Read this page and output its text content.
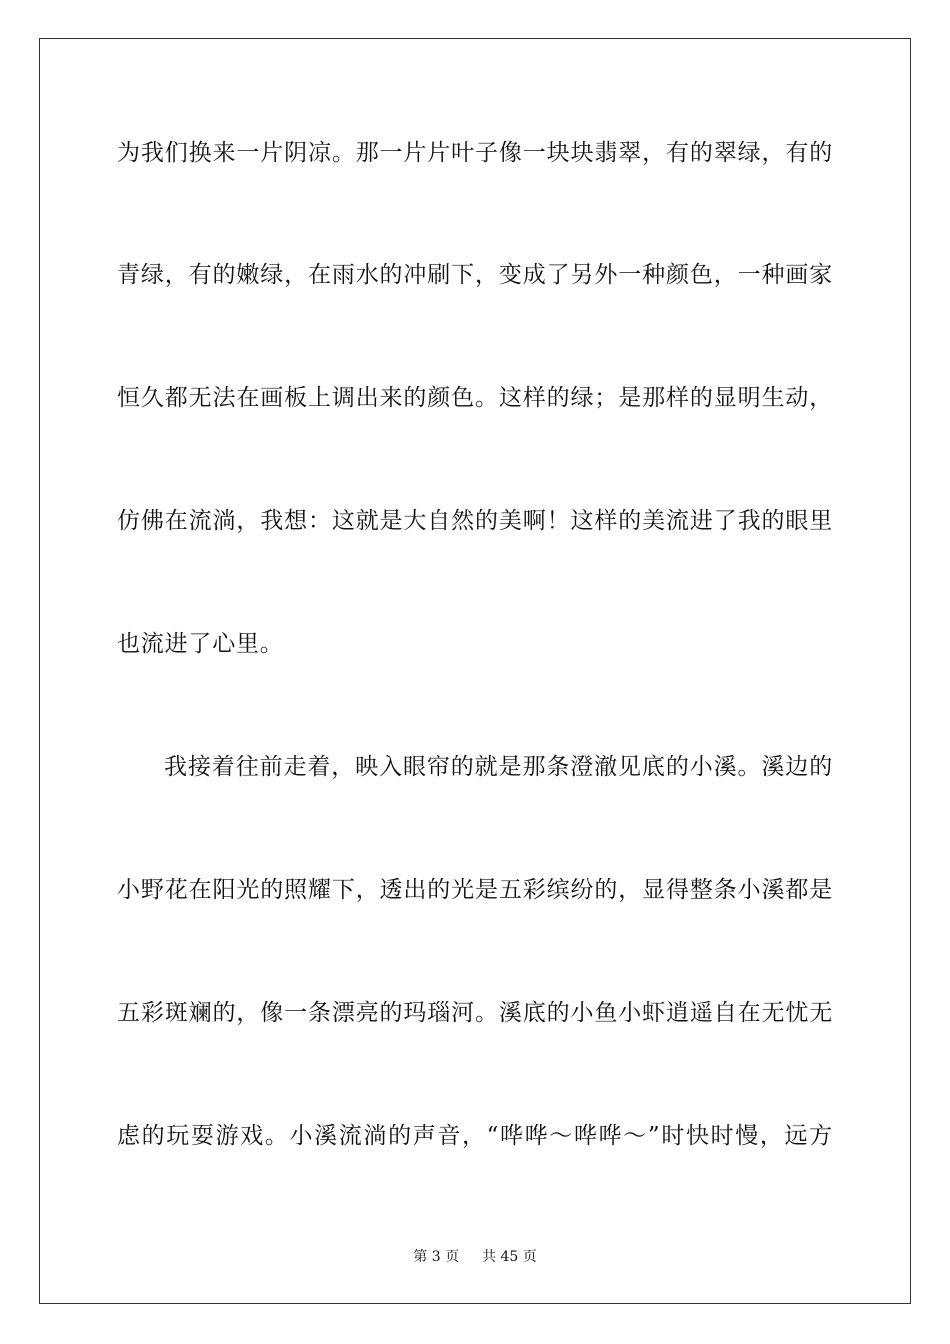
为我们换来一片阴凉。那一片片叶子像一块块翡翠，有的翠绿，有的
青绿，有的嫩绿，在雨水的冲刷下，变成了另外一种颜色，一种画家
恒久都无法在画板上调出来的颜色。这样的绿；是那样的显明生动，
仿佛在流淌，我想：这就是大自然的美啊！这样的美流进了我的眼里
也流进了心里。
我接着往前走着，映入眼帘的就是那条澄澈见底的小溪。溪边的
小野花在阳光的照耀下，透出的光是五彩缤纷的，显得整条小溪都是
五彩斑斓的，像一条漂亮的玛瑙河。溪底的小鱼小虾逍遥自在无忧无
虑的玩耍游戏。小溪流淌的声音，“哗哗～哗哗～”时快时慢，远方
第 3 页 共 45 页
